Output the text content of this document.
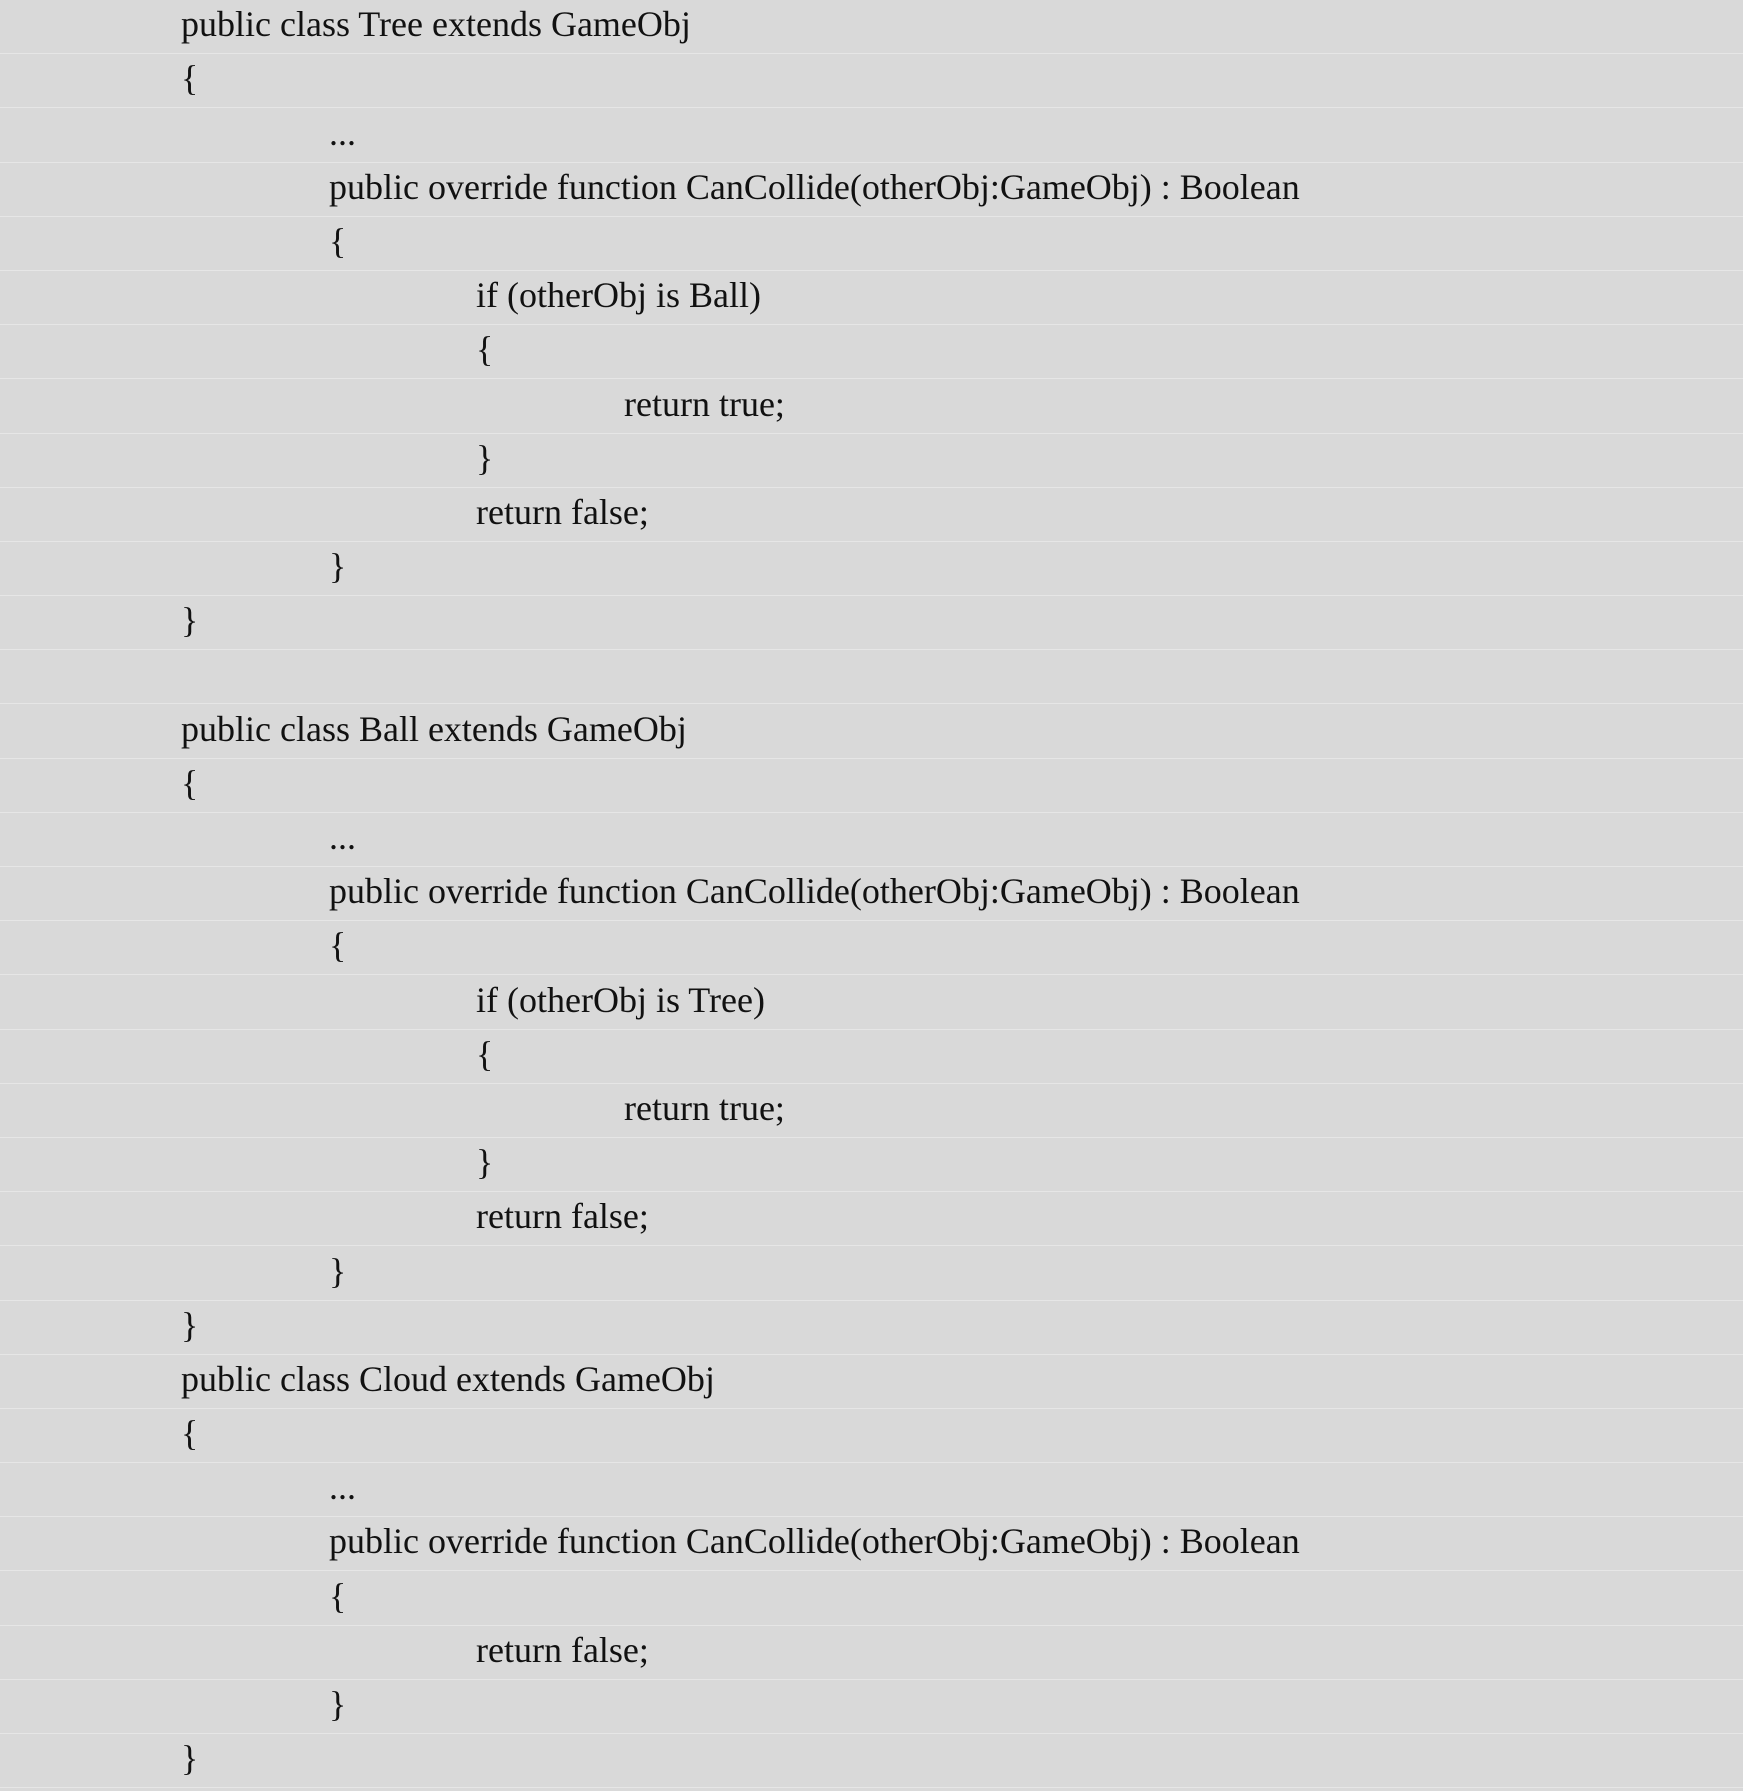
public class Tree extends GameObj
{
...
public override function CanCollide(otherObj:GameObj) : Boolean
{
if (otherObj is Ball)
{
return true;
}
return false;
}
}
public class Ball extends GameObj
{
...
public override function CanCollide(otherObj:GameObj) : Boolean
{
if (otherObj is Tree)
{
return true;
}
return false;
}
}
public class Cloud extends GameObj
{
...
public override function CanCollide(otherObj:GameObj) : Boolean
{
return false;
}
}
